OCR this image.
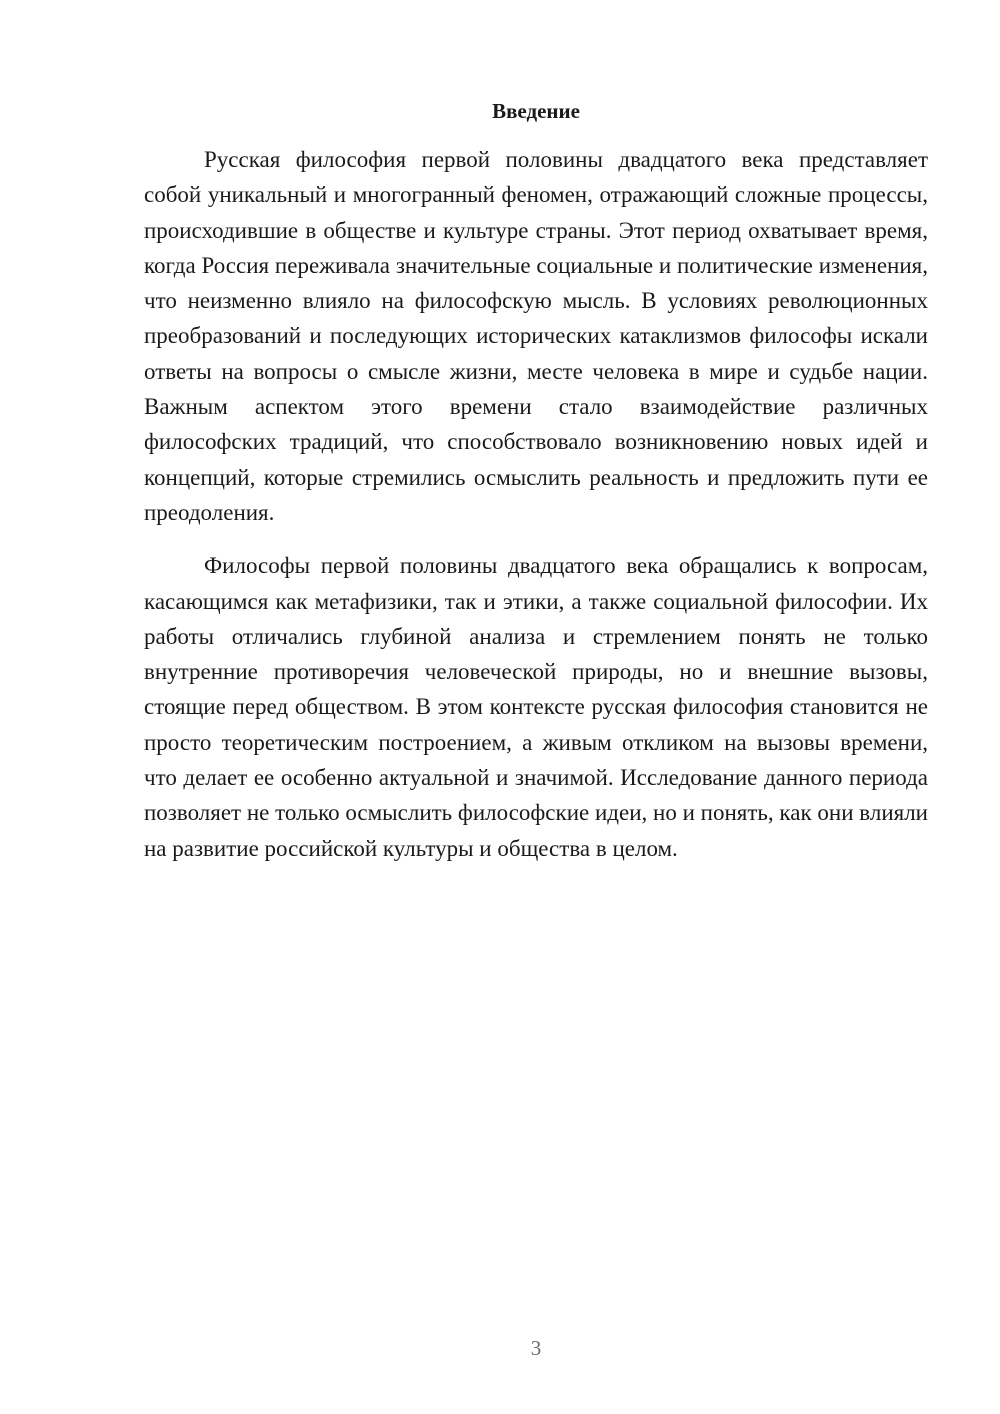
Введение

Русская философия первой половины двадцатого века представляет собой уникальный и многогранный феномен, отражающий сложные процессы, происходившие в обществе и культуре страны. Этот период охватывает время, когда Россия переживала значительные социальные и политические изменения, что неизменно влияло на философскую мысль. В условиях революционных преобразований и последующих исторических катаклизмов философы искали ответы на вопросы о смысле жизни, месте человека в мире и судьбе нации. Важным аспектом этого времени стало взаимодействие различных философских традиций, что способствовало возникновению новых идей и концепций, которые стремились осмыслить реальность и предложить пути ее преодоления.

Философы первой половины двадцатого века обращались к вопросам, касающимся как метафизики, так и этики, а также социальной философии. Их работы отличались глубиной анализа и стремлением понять не только внутренние противоречия человеческой природы, но и внешние вызовы, стоящие перед обществом. В этом контексте русская философия становится не просто теоретическим построением, а живым откликом на вызовы времени, что делает ее особенно актуальной и значимой. Исследование данного периода позволяет не только осмыслить философские идеи, но и понять, как они влияли на развитие российской культуры и общества в целом.

3
